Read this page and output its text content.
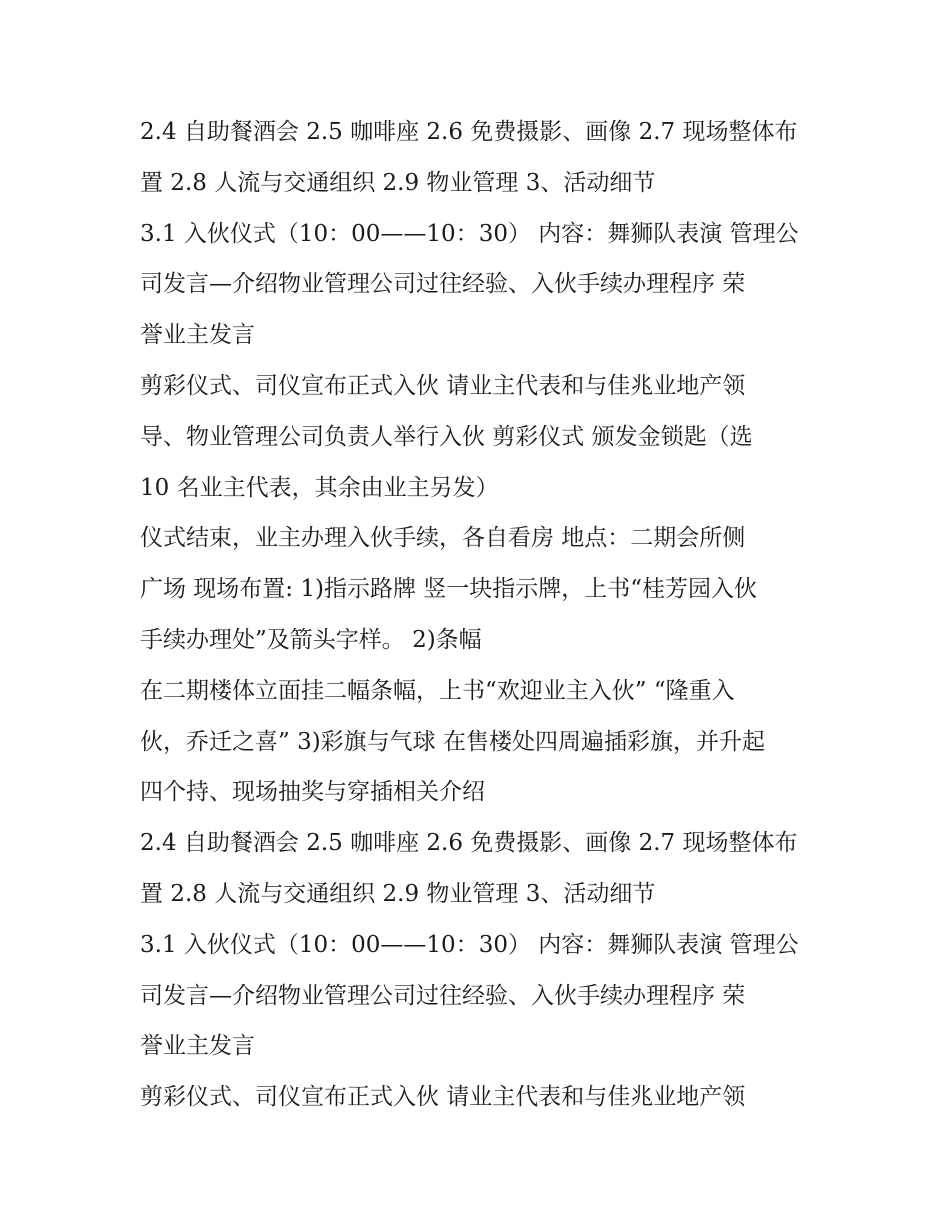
2.4 自助餐酒会 2.5 咖啡座 2.6 免费摄影、画像 2.7 现场整体布
置 2.8 人流与交通组织 2.9 物业管理 3、活动细节
3.1 入伙仪式（10：00——10：30） 内容：舞狮队表演 管理公
司发言—介绍物业管理公司过往经验、入伙手续办理程序 荣
誉业主发言
剪彩仪式、司仪宣布正式入伙 请业主代表和与佳兆业地产领
导、物业管理公司负责人举行入伙 剪彩仪式 颁发金锁匙（选
10 名业主代表，其余由业主另发）
仪式结束，业主办理入伙手续，各自看房 地点：二期会所侧
广场 现场布置: 1)指示路牌 竖一块指示牌，上书“桂芳园入伙
手续办理处”及箭头字样。 2)条幅
在二期楼体立面挂二幅条幅，上书“欢迎业主入伙” “隆重入
伙，乔迁之喜” 3)彩旗与气球 在售楼处四周遍插彩旗，并升起
四个持、现场抽奖与穿插相关介绍
2.4 自助餐酒会 2.5 咖啡座 2.6 免费摄影、画像 2.7 现场整体布
置 2.8 人流与交通组织 2.9 物业管理 3、活动细节
3.1 入伙仪式（10：00——10：30） 内容：舞狮队表演 管理公
司发言—介绍物业管理公司过往经验、入伙手续办理程序 荣
誉业主发言
剪彩仪式、司仪宣布正式入伙 请业主代表和与佳兆业地产领
